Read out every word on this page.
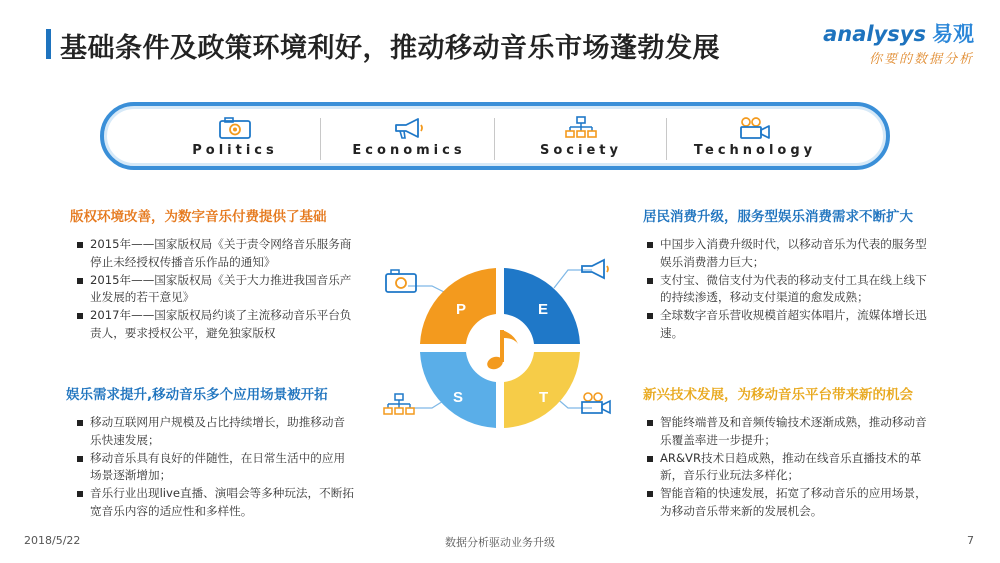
基础条件及政策环境利好，推动移动音乐市场蓬勃发展	analysys 易观
你要的数据分析
Politics	Economics	Society	Technology
版权环境改善，为数字音乐付费提供了基础
2015年——国家版权局《关于责令网络音乐服务商停止未经授权传播音乐作品的通知》
2015年——国家版权局《关于大力推进我国音乐产业发展的若干意见》
2017年——国家版权局约谈了主流移动音乐平台负责人，要求授权公平，避免独家版权
居民消费升级，服务型娱乐消费需求不断扩大
中国步入消费升级时代，以移动音乐为代表的服务型娱乐消费潜力巨大；
支付宝、微信支付为代表的移动支付工具在线上线下的持续渗透，移动支付渠道的愈发成熟；
全球数字音乐营收规模首超实体唱片，流媒体增长迅速。
娱乐需求提升,移动音乐多个应用场景被开拓
移动互联网用户规模及占比持续增长，助推移动音乐快速发展；
移动音乐具有良好的伴随性，在日常生活中的应用场景逐渐增加；
音乐行业出现live直播、演唱会等多种玩法，不断拓宽音乐内容的适应性和多样性。
新兴技术发展，为移动音乐平台带来新的机会
智能终端普及和音频传输技术逐渐成熟，推动移动音乐覆盖率进一步提升；
AR&VR技术日趋成熟，推动在线音乐直播技术的革新，音乐行业玩法多样化；
智能音箱的快速发展，拓宽了移动音乐的应用场景，为移动音乐带来新的发展机会。
P	E
S	T
2018/5/22	数据分析驱动业务升级	7
